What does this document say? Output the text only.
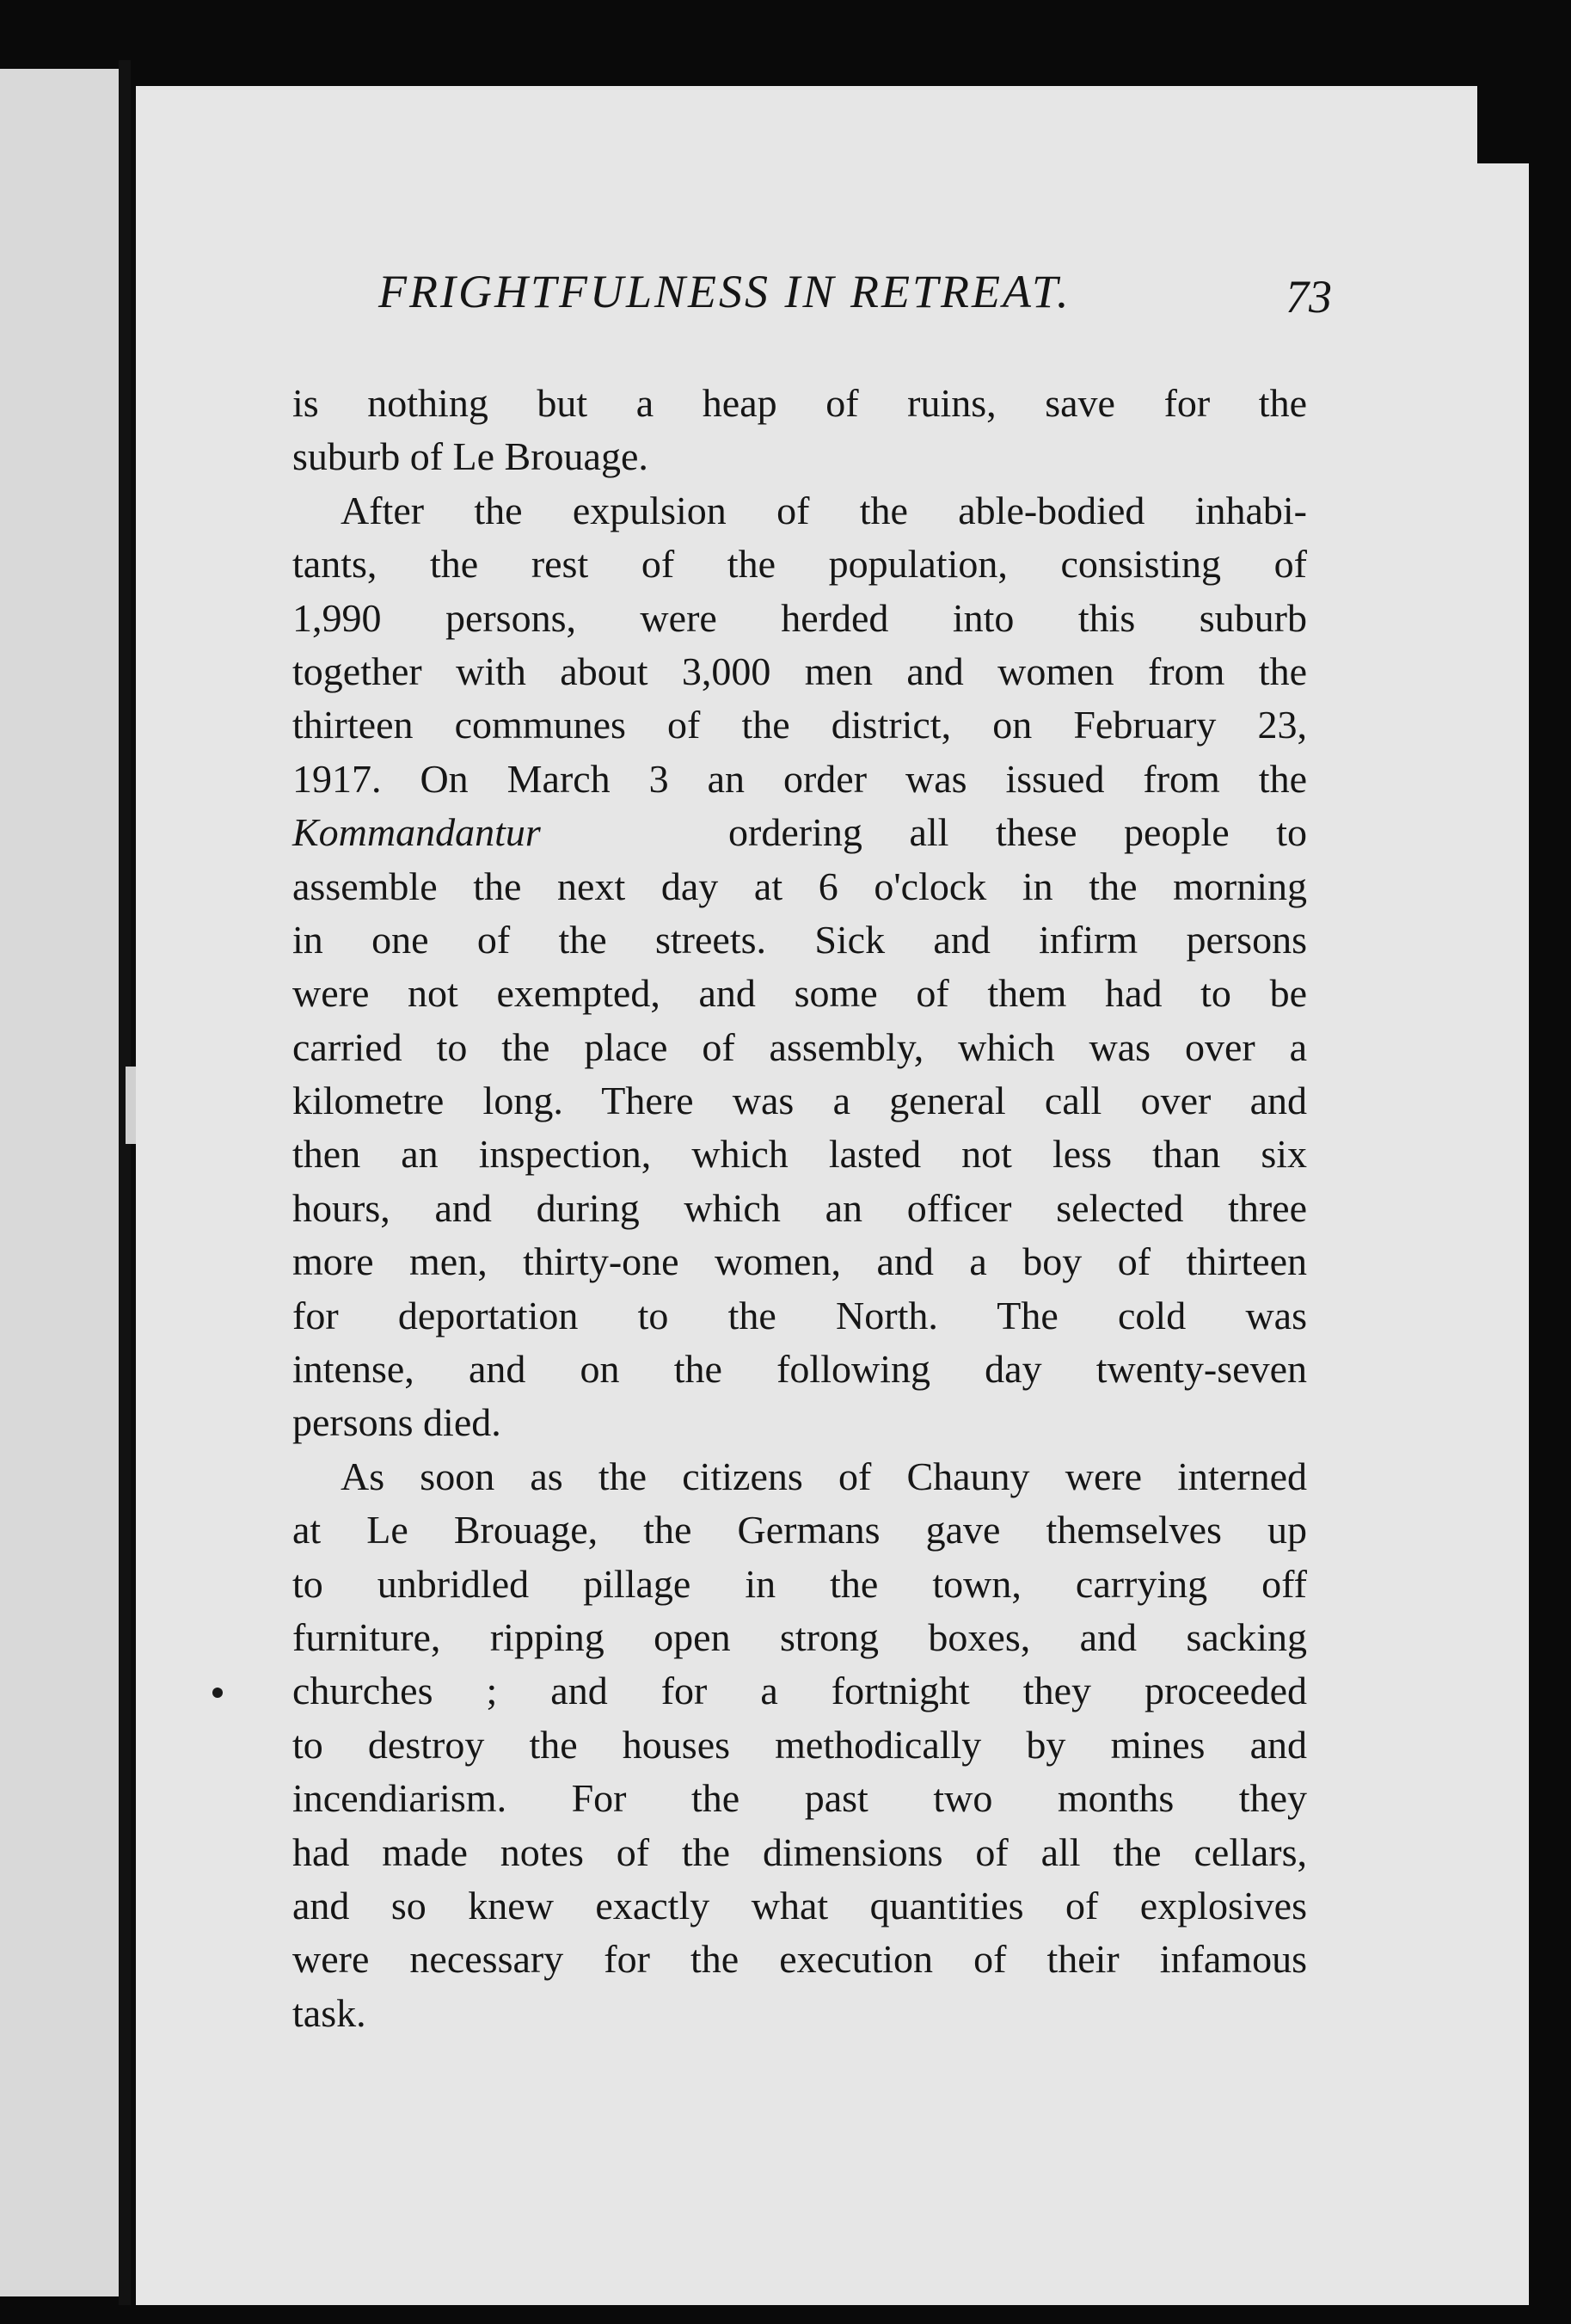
FRIGHTFULNESS IN RETREAT.	73
is nothing but a heap of ruins, save for the
suburb of Le Brouage.
After the expulsion of the able-bodied inhabi-
tants, the rest of the population, consisting of
1,990 persons, were herded into this suburb
together with about 3,000 men and women from the
thirteen communes of the district, on February 23,
1917. On March 3 an order was issued from the
Kommandantur	ordering all these people to
assemble the next day at 6 o'clock in the morning
in one of the streets. Sick and infirm persons
were not exempted, and some of them had to be
carried to the place of assembly, which was over a
kilometre long. There was a general call over and
then an inspection, which lasted not less than six
hours, and during which an officer selected three
more men, thirty-one women, and a boy of thirteen
for deportation to the North. The cold was
intense, and on the following day twenty-seven
persons died.
As soon as the citizens of Chauny were interned
at Le Brouage, the Germans gave themselves up
to unbridled pillage in the town, carrying off
furniture, ripping open strong boxes, and sacking
churches ; and for a fortnight they proceeded
to destroy the houses methodically by mines and
incendiarism. For the past two months they
had made notes of the dimensions of all the cellars,
and so knew exactly what quantities of explosives
were necessary for the execution of their infamous
task.
